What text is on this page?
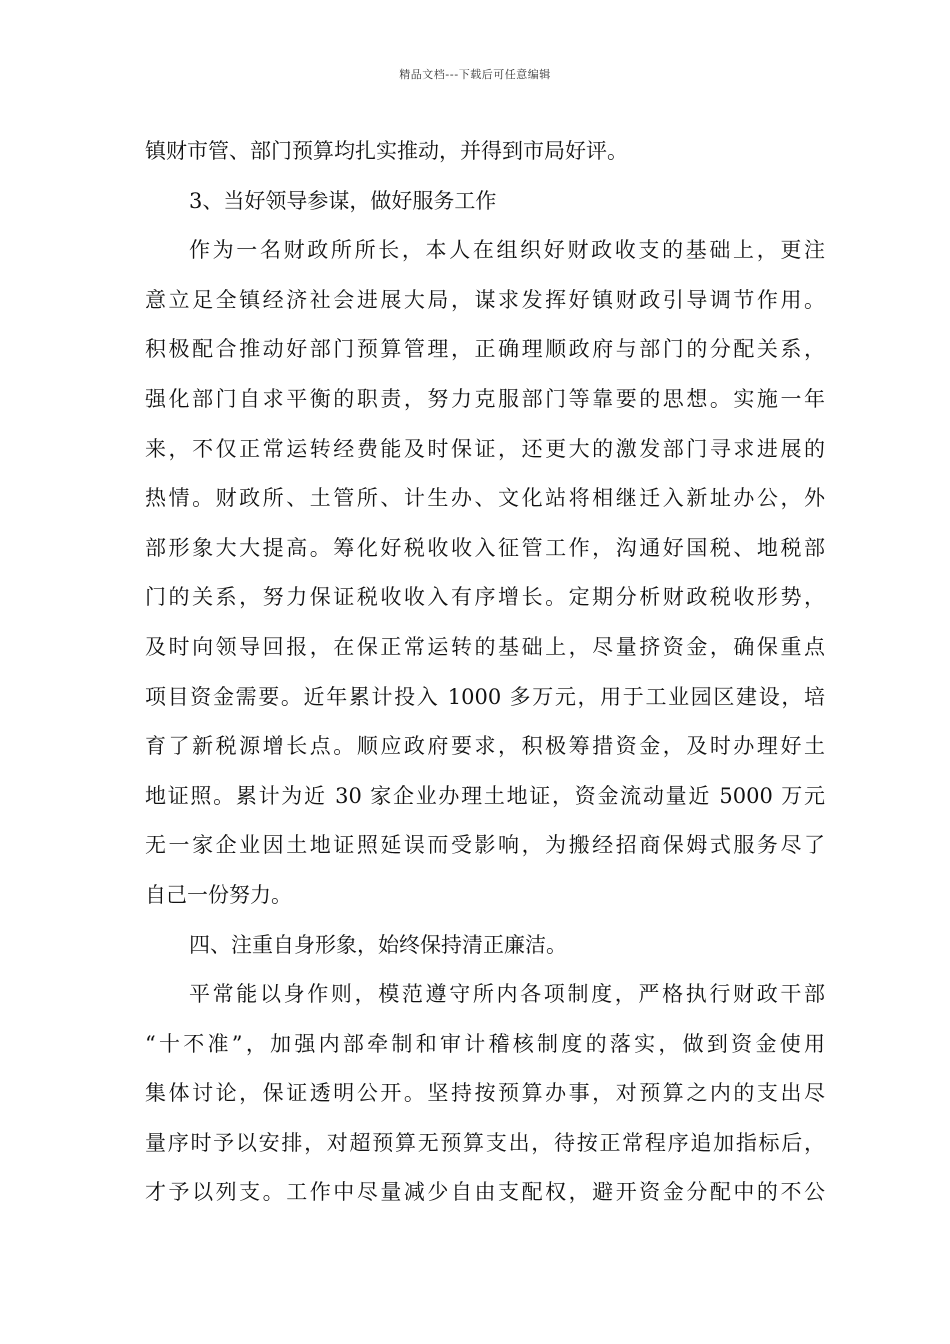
精品文档---下载后可任意编辑
镇财市管、部门预算均扎实推动，并得到市局好评。
3、当好领导参谋，做好服务工作
作为一名财政所所长，本人在组织好财政收支的基础上，更注
意立足全镇经济社会进展大局，谋求发挥好镇财政引导调节作用。
积极配合推动好部门预算管理，正确理顺政府与部门的分配关系，
强化部门自求平衡的职责，努力克服部门等靠要的思想。实施一年
来，不仅正常运转经费能及时保证，还更大的激发部门寻求进展的
热情。财政所、土管所、计生办、文化站将相继迁入新址办公，外
部形象大大提高。筹化好税收收入征管工作，沟通好国税、地税部
门的关系，努力保证税收收入有序增长。定期分析财政税收形势，
及时向领导回报，在保正常运转的基础上，尽量挤资金，确保重点
项目资金需要。近年累计投入 1000 多万元，用于工业园区建设，培
育了新税源增长点。顺应政府要求，积极筹措资金，及时办理好土
地证照。累计为近 30 家企业办理土地证，资金流动量近 5000 万元
无一家企业因土地证照延误而受影响，为搬经招商保姆式服务尽了
自己一份努力。
四、注重自身形象，始终保持清正廉洁。
平常能以身作则，模范遵守所内各项制度，严格执行财政干部
“十不准”，加强内部牵制和审计稽核制度的落实，做到资金使用
集体讨论，保证透明公开。坚持按预算办事，对预算之内的支出尽
量序时予以安排，对超预算无预算支出，待按正常程序追加指标后，
才予以列支。工作中尽量减少自由支配权，避开资金分配中的不公
